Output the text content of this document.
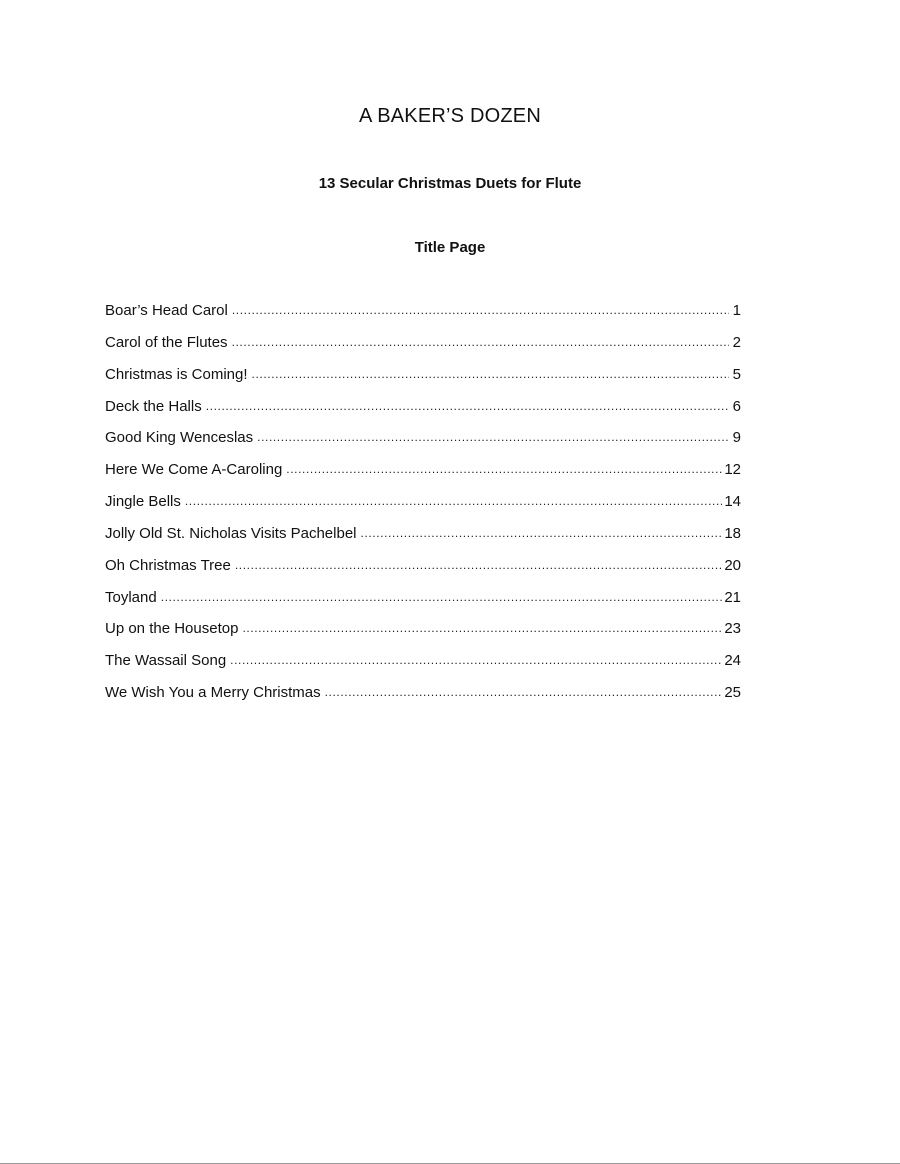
A BAKER’S DOZEN
13 Secular Christmas Duets for Flute
Title Page
Boar’s Head Carol .....	1
Carol of the Flutes .....	2
Christmas is Coming! .....	5
Deck the Halls .....	6
Good King Wenceslas .....	9
Here We Come A-Caroling .....	12
Jingle Bells .....	14
Jolly Old St. Nicholas Visits Pachelbel .....	18
Oh Christmas Tree .....	20
Toyland .....	21
Up on the Housetop .....	23
The Wassail Song .....	24
We Wish You a Merry Christmas .....	25
